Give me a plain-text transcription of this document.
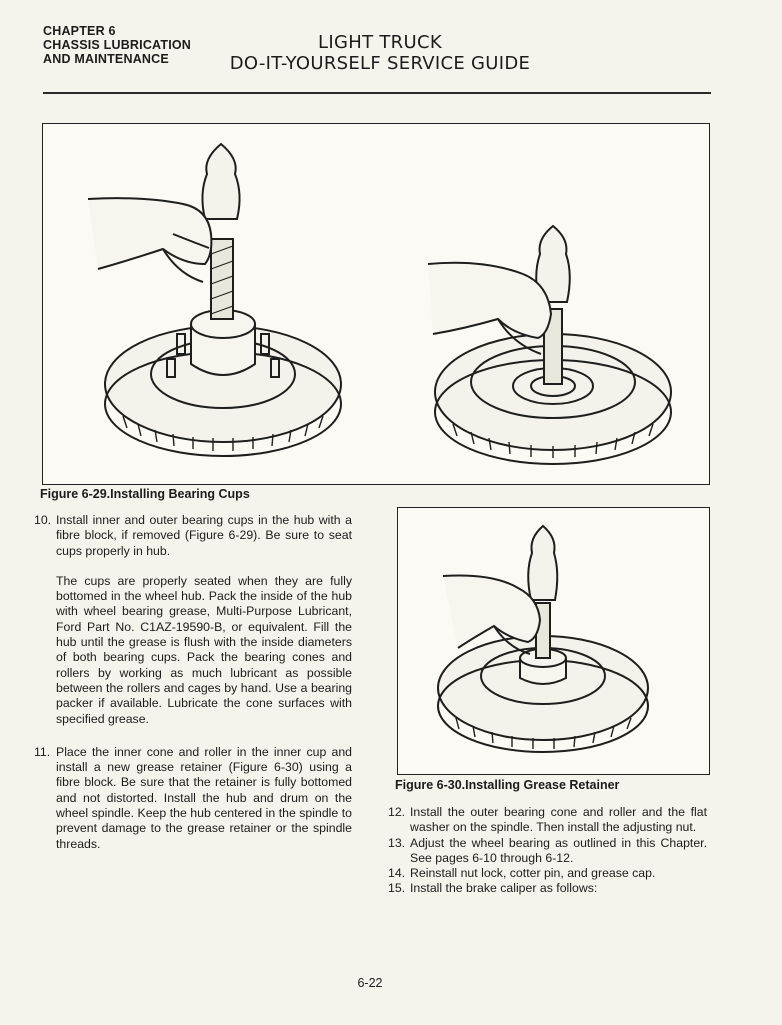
CHAPTER 6
CHASSIS LUBRICATION
AND MAINTENANCE
LIGHT TRUCK
DO-IT-YOURSELF SERVICE GUIDE
Figure 6-29.Installing Bearing Cups
10. Install inner and outer bearing cups in the hub with a fibre block, if removed (Figure 6-29). Be sure to seat cups properly in hub.
The cups are properly seated when they are fully bottomed in the wheel hub. Pack the inside of the hub with wheel bearing grease, Multi-Purpose Lubricant, Ford Part No. C1AZ-19590-B, or equivalent. Fill the hub until the grease is flush with the inside diameters of both bearing cups. Pack the bearing cones and rollers by working as much lubricant as possible between the rollers and cages by hand. Use a bearing packer if available. Lubricate the cone surfaces with specified grease.
11. Place the inner cone and roller in the inner cup and install a new grease retainer (Figure 6-30) using a fibre block. Be sure that the retainer is fully bottomed and not distorted. Install the hub and drum on the wheel spindle. Keep the hub centered in the spindle to prevent damage to the grease retainer or the spindle threads.
Figure 6-30.Installing Grease Retainer
12. Install the outer bearing cone and roller and the flat washer on the spindle. Then install the adjusting nut.
13. Adjust the wheel bearing as outlined in this Chapter. See pages 6-10 through 6-12.
14. Reinstall nut lock, cotter pin, and grease cap.
15. Install the brake caliper as follows:
6-22
